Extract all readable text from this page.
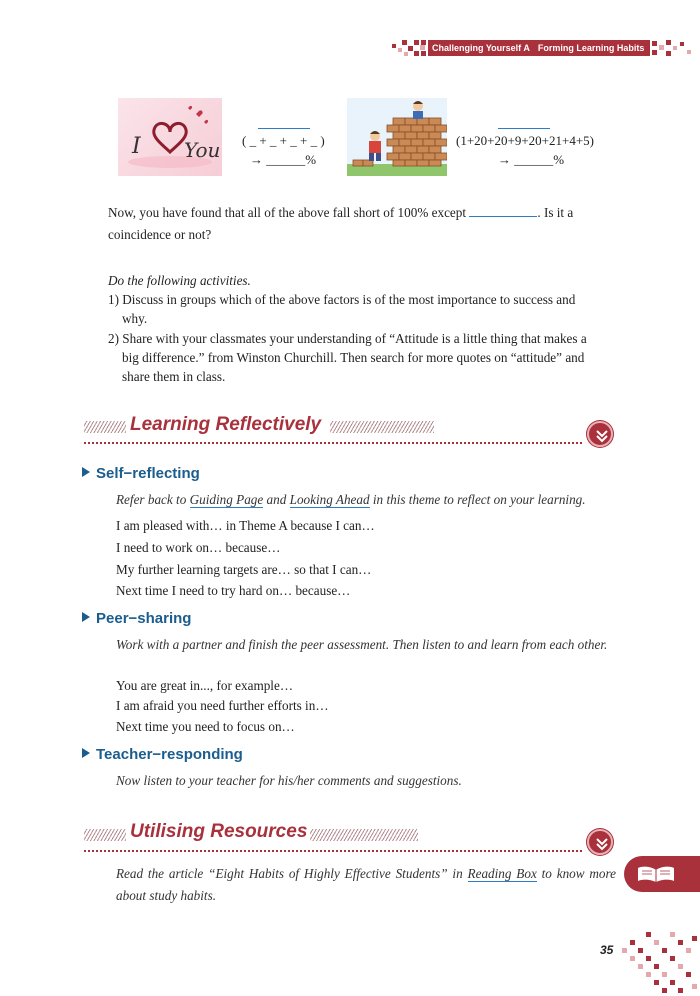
Challenging Yourself A Forming Learning Habits
I You ( _ + _ + _ + _ )
→ ______%
(1+20+20+9+20+21+4+5)
→ ______%
Now, you have found that all of the above fall short of 100% except	. Is it a
coincidence or not?
Do the following activities.
1) Discuss in groups which of the above factors is of the most importance to success and
why.
2) Share with your classmates your understanding of “Attitude is a little thing that makes a
big difference.” from Winston Churchill. Then search for more quotes on “attitude” and
share them in class.
Learning Reflectively
Self−reflecting
Refer back to Guiding Page and Looking Ahead in this theme to reflect on your learning.
I am pleased with… in Theme A because I can…
I need to work on… because…
My further learning targets are… so that I can…
Next time I need to try hard on… because…
Peer−sharing
Work with a partner and finish the peer assessment. Then listen to and learn from each other.
You are great in..., for example…
I am afraid you need further efforts in…
Next time you need to focus on…
Teacher−responding
Now listen to your teacher for his/her comments and suggestions.
Utilising Resources
Read the article “Eight Habits of Highly Effective Students” in Reading Box to know more about study habits.
35
